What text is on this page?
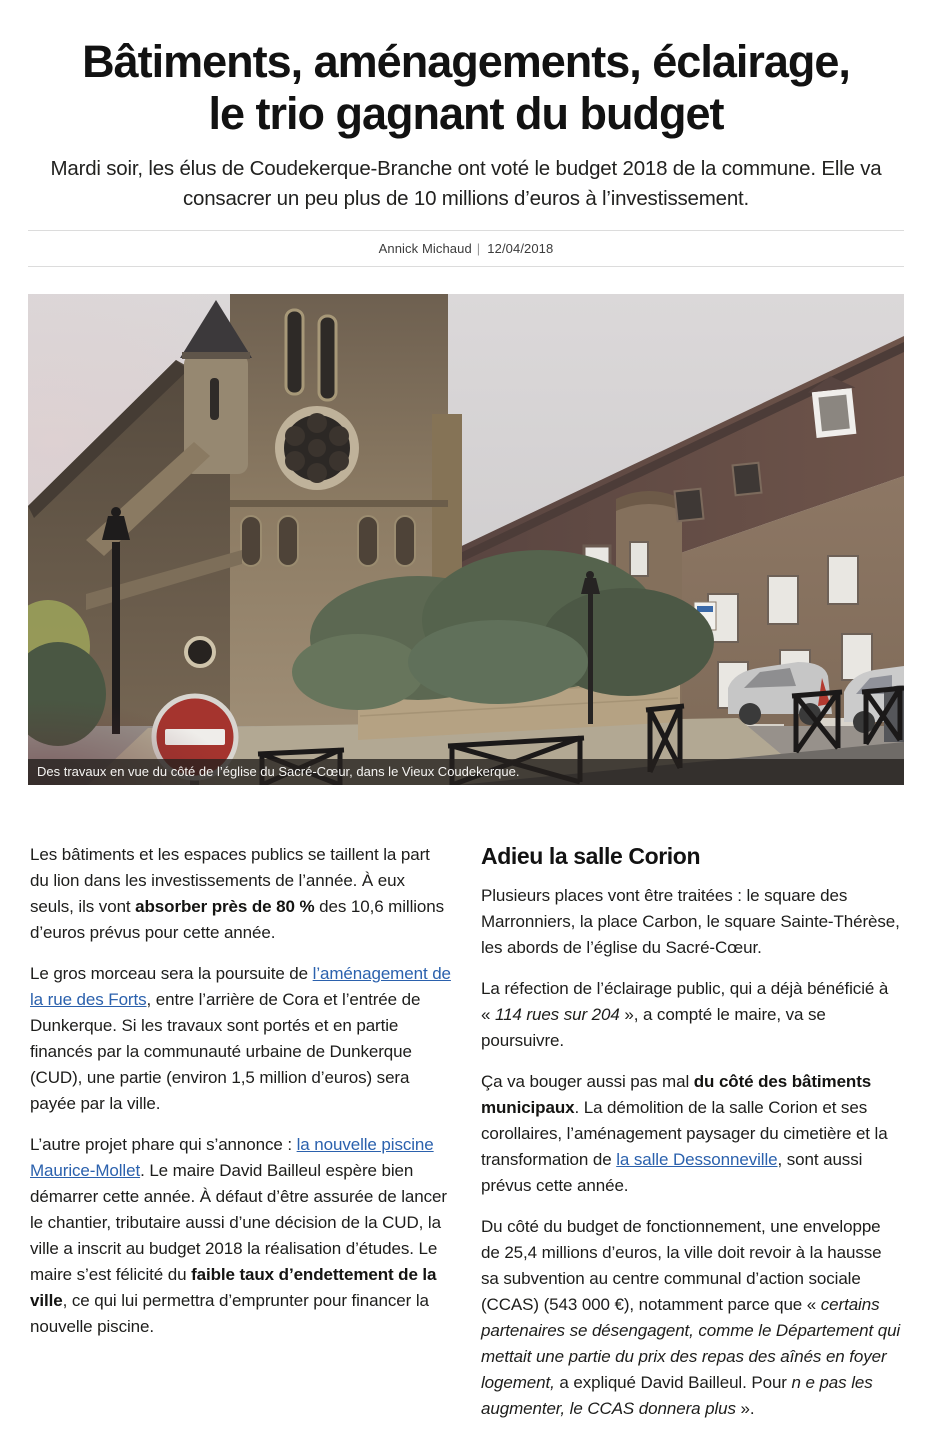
Bâtiments, aménagements, éclairage,
le trio gagnant du budget

Mardi soir, les élus de Coudekerque-Branche ont voté le budget 2018 de la commune. Elle va consacrer un peu plus de 10 millions d’euros à l’investissement.

Annick Michaud | 12/04/2018
Des travaux en vue du côté de l’église du Sacré-Cœur, dans le Vieux Coudekerque.

Les bâtiments et les espaces publics se taillent la part du lion dans les investissements de l’année. À eux seuls, ils vont absorber près de 80 % des 10,6 millions d’euros prévus pour cette année.

Le gros morceau sera la poursuite de l’aménagement de la rue des Forts, entre l’arrière de Cora et l’entrée de Dunkerque. Si les travaux sont portés et en partie financés par la communauté urbaine de Dunkerque (CUD), une partie (environ 1,5 million d’euros) sera payée par la ville.

L’autre projet phare qui s’annonce : la nouvelle piscine Maurice-Mollet. Le maire David Bailleul espère bien démarrer cette année. À défaut d’être assurée de lancer le chantier, tributaire aussi d’une décision de la CUD, la ville a inscrit au budget 2018 la réalisation d’études. Le maire s’est félicité du faible taux d’endettement de la ville, ce qui lui permettra d’emprunter pour financer la nouvelle piscine.

Adieu la salle Corion

Plusieurs places vont être traitées : le square des Marronniers, la place Carbon, le square Sainte-Thérèse, les abords de l’église du Sacré-Cœur.

La réfection de l’éclairage public, qui a déjà bénéficié à « 114 rues sur 204 », a compté le maire, va se poursuivre.

Ça va bouger aussi pas mal du côté des bâtiments municipaux. La démolition de la salle Corion et ses corollaires, l’aménagement paysager du cimetière et la transformation de la salle Dessonneville, sont aussi prévus cette année.

Du côté du budget de fonctionnement, une enveloppe de 25,4 millions d’euros, la ville doit revoir à la hausse sa subvention au centre communal d’action sociale (CCAS) (543 000 €), notamment parce que « certains partenaires se désengagent, comme le Département qui mettait une partie du prix des repas des aînés en foyer logement, a expliqué David Bailleul. Pour n e pas les augmenter, le CCAS donnera plus ».
